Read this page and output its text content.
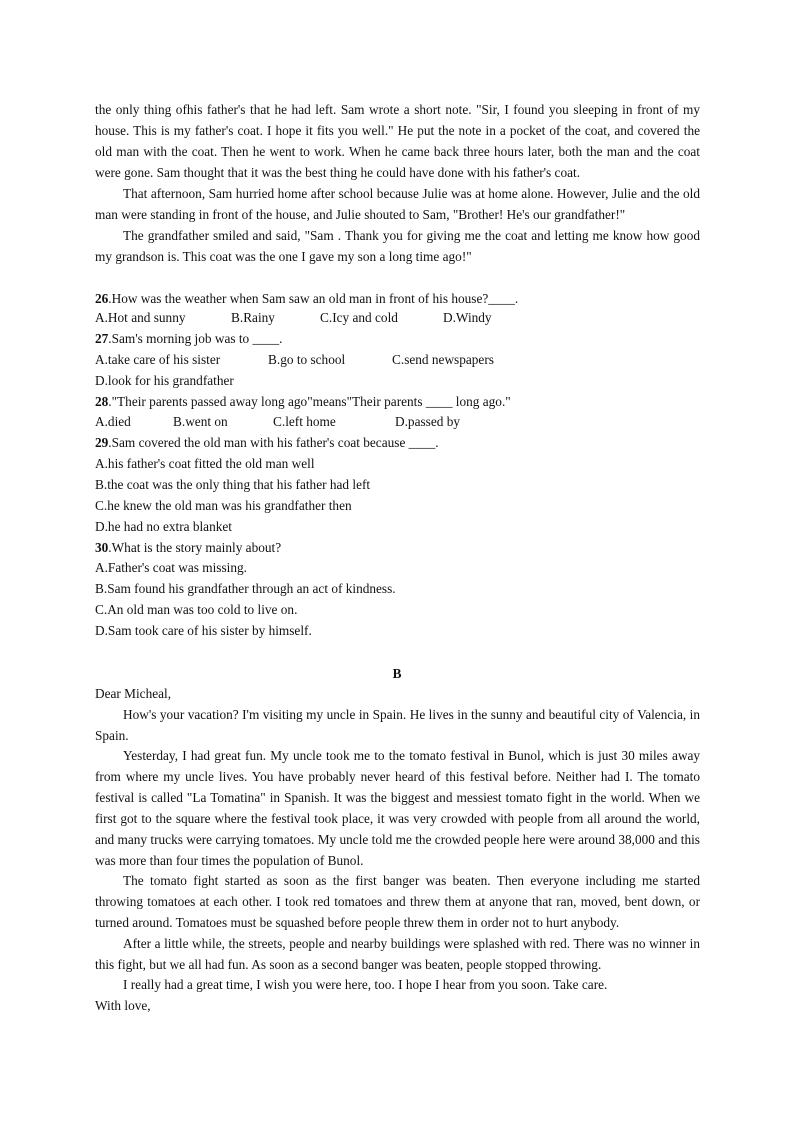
the only thing ofhis father's that he had left. Sam wrote a short note. "Sir, I found you sleeping in front of my house. This is my father's coat. I hope it fits you well." He put the note in a pocket of the coat, and covered the old man with the coat. Then he went to work. When he came back three hours later, both the man and the coat were gone. Sam thought that it was the best thing he could have done with his father's coat.

That afternoon, Sam hurried home after school because Julie was at home alone. However, Julie and the old man were standing in front of the house, and Julie shouted to Sam, "Brother! He's our grandfather!"

The grandfather smiled and said, "Sam . Thank you for giving me the coat and letting me know how good my grandson is. This coat was the one I gave my son a long time ago!"

26.How was the weather when Sam saw an old man in front of his house?____.
A.Hot and sunny	B.Rainy	C.Icy and cold	D.Windy
27.Sam's morning job was to ____.
A.take care of his sister	B.go to school	C.send newspapers
D.look for his grandfather
28."Their parents passed away long ago"means"Their parents ____ long ago."
A.died	B.went on	C.left home	D.passed by
29.Sam covered the old man with his father's coat because ____.
A.his father's coat fitted the old man well
B.the coat was the only thing that his father had left
C.he knew the old man was his grandfather then
D.he had no extra blanket
30.What is the story mainly about?
A.Father's coat was missing.
B.Sam found his grandfather through an act of kindness.
C.An old man was too cold to live on.
D.Sam took care of his sister by himself.
B
Dear Micheal,

How's your vacation? I'm visiting my uncle in Spain. He lives in the sunny and beautiful city of Valencia, in Spain.

Yesterday, I had great fun. My uncle took me to the tomato festival in Bunol, which is just 30 miles away from where my uncle lives. You have probably never heard of this festival before. Neither had I. The tomato festival is called "La Tomatina" in Spanish. It was the biggest and messiest tomato fight in the world. When we first got to the square where the festival took place, it was very crowded with people from all around the world, and many trucks were carrying tomatoes. My uncle told me the crowded people here were around 38,000 and this was more than four times the population of Bunol.

The tomato fight started as soon as the first banger was beaten. Then everyone including me started throwing tomatoes at each other. I took red tomatoes and threw them at anyone that ran, moved, bent down, or turned around. Tomatoes must be squashed before people threw them in order not to hurt anybody.

After a little while, the streets, people and nearby buildings were splashed with red. There was no winner in this fight, but we all had fun. As soon as a second banger was beaten, people stopped throwing.

I really had a great time, I wish you were here, too. I hope I hear from you soon. Take care.

With love,
